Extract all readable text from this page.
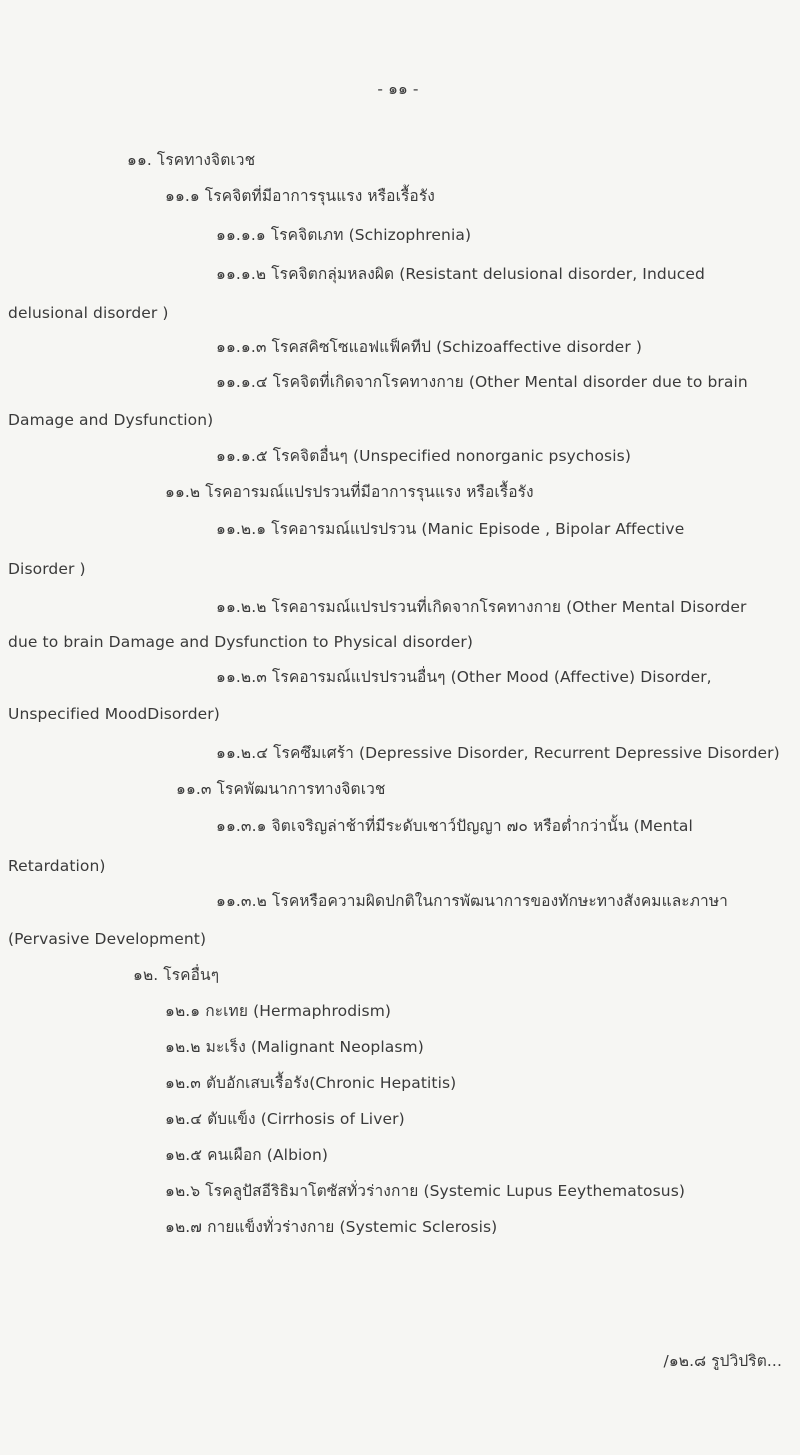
- ๑๑ -
๑๑. โรคทางจิตเวช
๑๑.๑ โรคจิตที่มีอาการรุนแรง หรือเรื้อรัง
๑๑.๑.๑ โรคจิตเภท (Schizophrenia)
๑๑.๑.๒ โรคจิตกลุ่มหลงผิด (Resistant delusional disorder, Induced
delusional disorder )
๑๑.๑.๓ โรคสคิซโซแอฟแฟ็คทีป (Schizoaffective disorder )
๑๑.๑.๔ โรคจิตที่เกิดจากโรคทางกาย (Other Mental disorder due to brain
Damage and Dysfunction)
๑๑.๑.๕ โรคจิตอื่นๆ (Unspecified nonorganic psychosis)
๑๑.๒ โรคอารมณ์แปรปรวนที่มีอาการรุนแรง หรือเรื้อรัง
๑๑.๒.๑ โรคอารมณ์แปรปรวน (Manic Episode , Bipolar Affective
Disorder )
๑๑.๒.๒ โรคอารมณ์แปรปรวนที่เกิดจากโรคทางกาย (Other Mental Disorder
due to brain Damage and Dysfunction to Physical disorder)
๑๑.๒.๓ โรคอารมณ์แปรปรวนอื่นๆ (Other Mood (Affective) Disorder,
Unspecified MoodDisorder)
๑๑.๒.๔ โรคซึมเศร้า (Depressive Disorder, Recurrent Depressive Disorder)
๑๑.๓ โรคพัฒนาการทางจิตเวช
๑๑.๓.๑ จิตเจริญล่าช้าที่มีระดับเชาว์ปัญญา ๗๐ หรือต่ำกว่านั้น (Mental
Retardation)
๑๑.๓.๒ โรคหรือความผิดปกติในการพัฒนาการของทักษะทางสังคมและภาษา
(Pervasive Development)
๑๒. โรคอื่นๆ
๑๒.๑ กะเทย (Hermaphrodism)
๑๒.๒ มะเร็ง (Malignant Neoplasm)
๑๒.๓ ตับอักเสบเรื้อรัง(Chronic Hepatitis)
๑๒.๔ ตับแข็ง (Cirrhosis of Liver)
๑๒.๕ คนเผือก (Albion)
๑๒.๖ โรคลูปัสอีริธิมาโตซัสทั่วร่างกาย (Systemic Lupus Eeythematosus)
๑๒.๗ กายแข็งทั่วร่างกาย (Systemic Sclerosis)
/๑๒.๘ รูปวิปริต...
